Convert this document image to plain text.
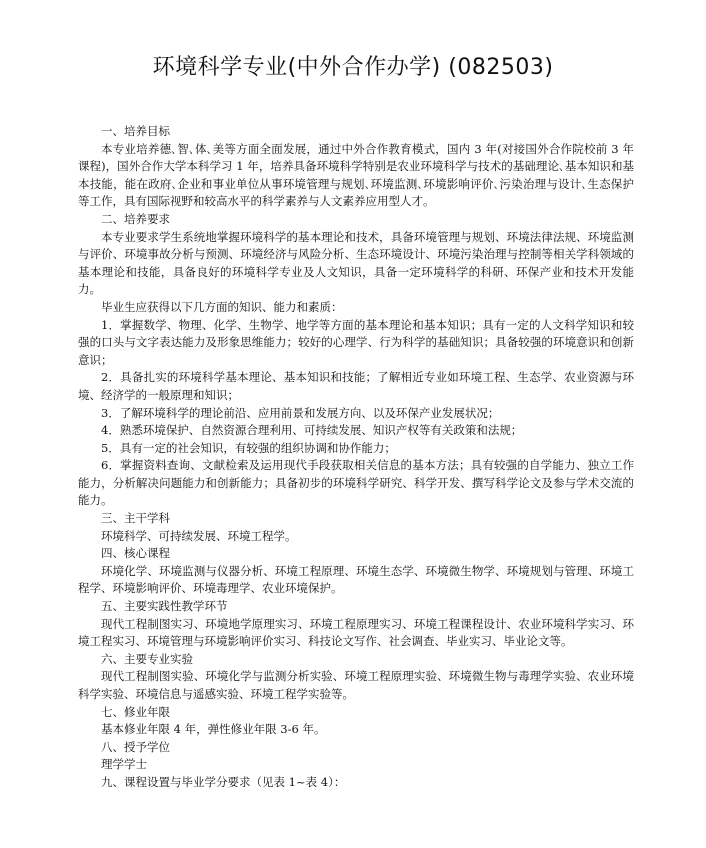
环境科学专业(中外合作办学) (082503)

一、培养目标

本专业培养德､智､体､美等方面全面发展，通过中外合作教育模式，国内 3 年(对接国外合作院校前 3 年课程)，国外合作大学本科学习 1 年，培养具备环境科学特别是农业环境科学与技术的基础理论､基本知识和基本技能，能在政府､企业和事业单位从事环境管理与规划､环境监测､环境影响评价､污染治理与设计､生态保护等工作，具有国际视野和较高水平的科学素养与人文素养应用型人才｡

二、培养要求

本专业要求学生系统地掌握环境科学的基本理论和技术，具备环境管理与规划、环境法律法规、环境监测与评价、环境事故分析与预测、环境经济与风险分析、生态环境设计、环境污染治理与控制等相关学科领域的基本理论和技能，具备良好的环境科学专业及人文知识，具备一定环境科学的科研、环保产业和技术开发能力。

毕业生应获得以下几方面的知识、能力和素质：

1．掌握数学、物理、化学、生物学、地学等方面的基本理论和基本知识；具有一定的人文科学知识和较强的口头与文字表达能力及形象思维能力；较好的心理学、行为科学的基础知识；具备较强的环境意识和创新意识；

2．具备扎实的环境科学基本理论、基本知识和技能；了解相近专业如环境工程、生态学、农业资源与环境、经济学的一般原理和知识；

3．了解环境科学的理论前沿、应用前景和发展方向、以及环保产业发展状况；

4．熟悉环境保护、自然资源合理利用、可持续发展、知识产权等有关政策和法规；

5．具有一定的社会知识，有较强的组织协调和协作能力；

6．掌握资料查询、文献检索及运用现代手段获取相关信息的基本方法；具有较强的自学能力、独立工作能力，分析解决问题能力和创新能力；具备初步的环境科学研究、科学开发、撰写科学论文及参与学术交流的能力。

三、主干学科

环境科学、可持续发展、环境工程学。

四、核心课程

环境化学、环境监测与仪器分析、环境工程原理、环境生态学、环境微生物学、环境规划与管理、环境工程学、环境影响评价、环境毒理学、农业环境保护。

五、主要实践性教学环节

现代工程制图实习、环境地学原理实习、环境工程原理实习、环境工程课程设计、农业环境科学实习、环境工程实习、环境管理与环境影响评价实习、科技论文写作、社会调查、毕业实习、毕业论文等。

六、主要专业实验

现代工程制图实验、环境化学与监测分析实验、环境工程原理实验、环境微生物与毒理学实验、农业环境科学实验、环境信息与遥感实验、环境工程学实验等。

七、修业年限

基本修业年限 4 年，弹性修业年限 3-6 年。

八、授予学位

理学学士

九、课程设置与毕业学分要求（见表 1~表 4）：
